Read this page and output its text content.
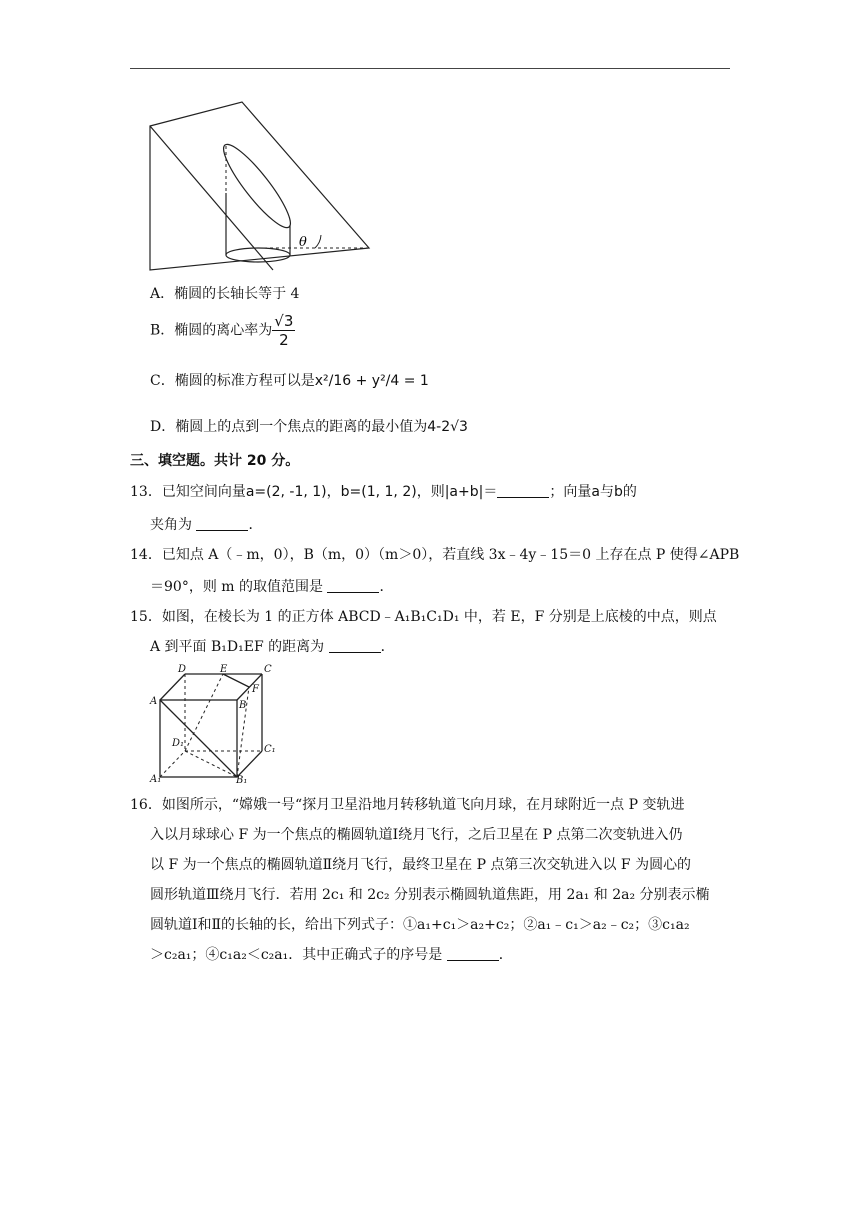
θ
A．椭圆的长轴长等于 4
B．椭圆的离心率为 $\frac{√3}{2}$
C．椭圆的标准方程可以是x²/16 + y²/4 = 1
D．椭圆上的点到一个焦点的距离的最小值为4-2√3
三、填空题。共计 20 分。
13．已知空间向量a=(2, -1, 1)，b=(1, 1, 2)，则|a+b|＝	；向量a与b的
夹角为	．
14．已知点 A（﹣m，0），B（m，0）（m＞0），若直线 3x﹣4y﹣15＝0 上存在点 P 使得∠APB
＝90°，则 m 的取值范围是	．
15．如图，在棱长为 1 的正方体 ABCD﹣A₁B₁C₁D₁ 中，若 E，F 分别是上底棱的中点，则点
A 到平面 B₁D₁EF 的距离为	．
D	E	C
A
F
B
D₁
C₁
A₁	B₁
16．如图所示，“嫦娥一号“探月卫星沿地月转移轨道飞向月球，在月球附近一点 P 变轨进
入以月球球心 F 为一个焦点的椭圆轨道Ⅰ绕月飞行，之后卫星在 P 点第二次变轨进入仍
以 F 为一个焦点的椭圆轨道Ⅱ绕月飞行，最终卫星在 P 点第三次交轨进入以 F 为圆心的
圆形轨道Ⅲ绕月飞行．若用 2c₁ 和 2c₂ 分别表示椭圆轨道焦距，用 2a₁ 和 2a₂ 分别表示椭
圆轨道Ⅰ和Ⅱ的长轴的长，给出下列式子：①a₁+c₁＞a₂+c₂；②a₁﹣c₁＞a₂﹣c₂；③c₁a₂
＞c₂a₁；④c₁a₂＜c₂a₁．其中正确式子的序号是	．
